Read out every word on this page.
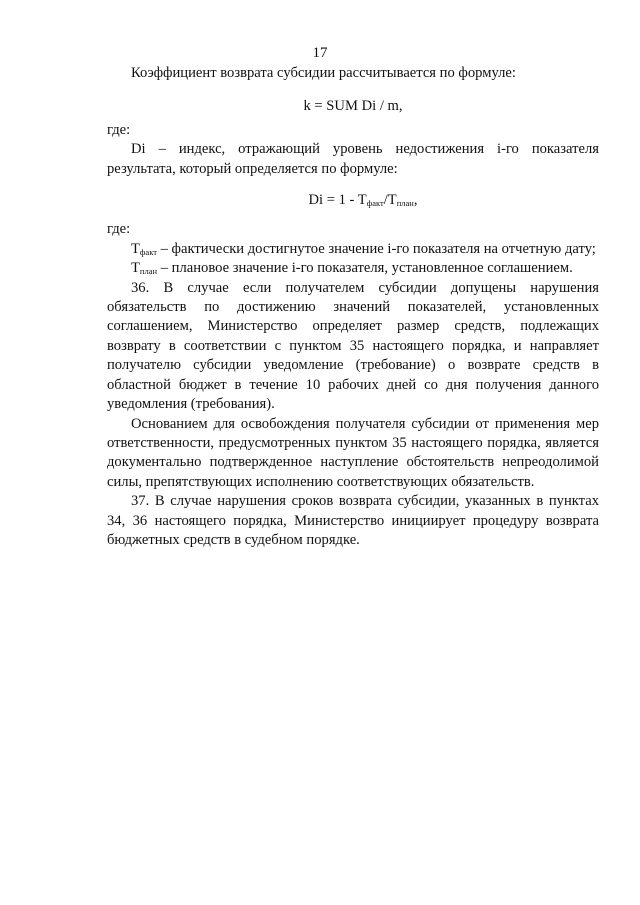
17

Коэффициент возврата субсидии рассчитывается по формуле:

k = SUM Di / m,

где:

Di – индекс, отражающий уровень недостижения i-го показателя результата, который определяется по формуле:

$Di = 1 - T_{факт}/T_{план}$,

где:

$T_{факт}$ – фактически достигнутое значение i-го показателя на отчетную дату;

$T_{план}$ – плановое значение i-го показателя, установленное соглашением.

36. В случае если получателем субсидии допущены нарушения обязательств по достижению значений показателей, установленных соглашением, Министерство определяет размер средств, подлежащих возврату в соответствии с пунктом 35 настоящего порядка, и направляет получателю субсидии уведомление (требование) о возврате средств в областной бюджет в течение 10 рабочих дней со дня получения данного уведомления (требования).

Основанием для освобождения получателя субсидии от применения мер ответственности, предусмотренных пунктом 35 настоящего порядка, является документально подтвержденное наступление обстоятельств непреодолимой силы, препятствующих исполнению соответствующих обязательств.

37. В случае нарушения сроков возврата субсидии, указанных в пунктах 34, 36 настоящего порядка, Министерство инициирует процедуру возврата бюджетных средств в судебном порядке.
